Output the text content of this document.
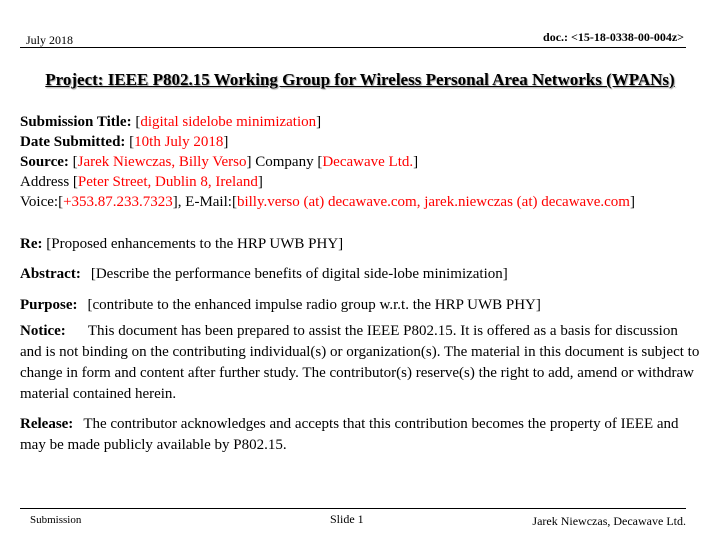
July 2018	doc.: <15-18-0338-00-004z>
Project: IEEE P802.15 Working Group for Wireless Personal Area Networks (WPANs)
Submission Title: [digital sidelobe minimization]
Date Submitted: [10th July 2018]
Source: [Jarek Niewczas, Billy Verso] Company [Decawave Ltd.]
Address [Peter Street, Dublin 8, Ireland]
Voice:[+353.87.233.7323], E-Mail:[billy.verso (at) decawave.com, jarek.niewczas (at) decawave.com]
Re: [Proposed enhancements to the HRP UWB PHY]
Abstract: [Describe the performance benefits of digital side-lobe minimization]
Purpose: [contribute to the enhanced impulse radio group w.r.t. the HRP UWB PHY]
Notice: This document has been prepared to assist the IEEE P802.15. It is offered as a basis for discussion and is not binding on the contributing individual(s) or organization(s). The material in this document is subject to change in form and content after further study. The contributor(s) reserve(s) the right to add, amend or withdraw material contained herein.
Release: The contributor acknowledges and accepts that this contribution becomes the property of IEEE and may be made publicly available by P802.15.
Submission	Slide 1	Jarek Niewczas, Decawave Ltd.
